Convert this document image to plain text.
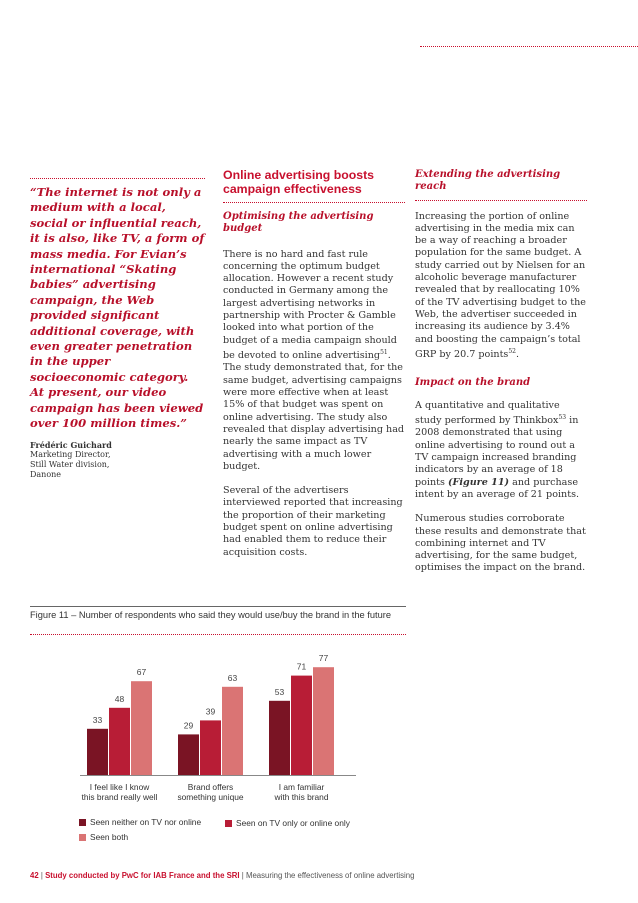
“The internet is not only a medium with a local, social or influential reach, it is also, like TV, a form of mass media. For Evian’s international “Skating babies” advertising campaign, the Web provided significant additional coverage, with even greater penetration in the upper socioeconomic category. At present, our video campaign has been viewed over 100 million times.”

Frédéric Guichard
Marketing Director,
Still Water division,
Danone
Online advertising boosts campaign effectiveness
Optimising the advertising budget

There is no hard and fast rule concerning the optimum budget allocation. However a recent study conducted in Germany among the largest advertising networks in partnership with Procter & Gamble looked into what portion of the budget of a media campaign should be devoted to online advertising$^{51}$. The study demonstrated that, for the same budget, advertising campaigns were more effective when at least 15% of that budget was spent on online advertising. The study also revealed that display advertising had nearly the same impact as TV advertising with a much lower budget.

Several of the advertisers interviewed reported that increasing the proportion of their marketing budget spent on online advertising had enabled them to reduce their acquisition costs.

Extending the advertising reach

Increasing the portion of online advertising in the media mix can be a way of reaching a broader population for the same budget. A study carried out by Nielsen for an alcoholic beverage manufacturer revealed that by reallocating 10% of the TV advertising budget to the Web, the advertiser succeeded in increasing its audience by 3.4% and boosting the campaign’s total GRP by 20.7 points$^{52}$.

Impact on the brand

A quantitative and qualitative study performed by Thinkbox$^{53}$ in 2008 demonstrated that using online advertising to round out a TV campaign increased branding indicators by an average of 18 points (Figure 11) and purchase intent by an average of 21 points.

Numerous studies corroborate these results and demonstrate that combining internet and TV advertising, for the same budget, optimises the impact on the brand.

Figure 11 – Number of respondents who said they would use/buy the brand in the future
33
48
67
I feel like I know
this brand really well
29
39
63
Brand offers
something unique
53
71
77
I am familiar
with this brand
Seen neither on TV nor online	Seen on TV only or online only
Seen both
42 | Study conducted by PwC for IAB France and the SRI | Measuring the effectiveness of online advertising
